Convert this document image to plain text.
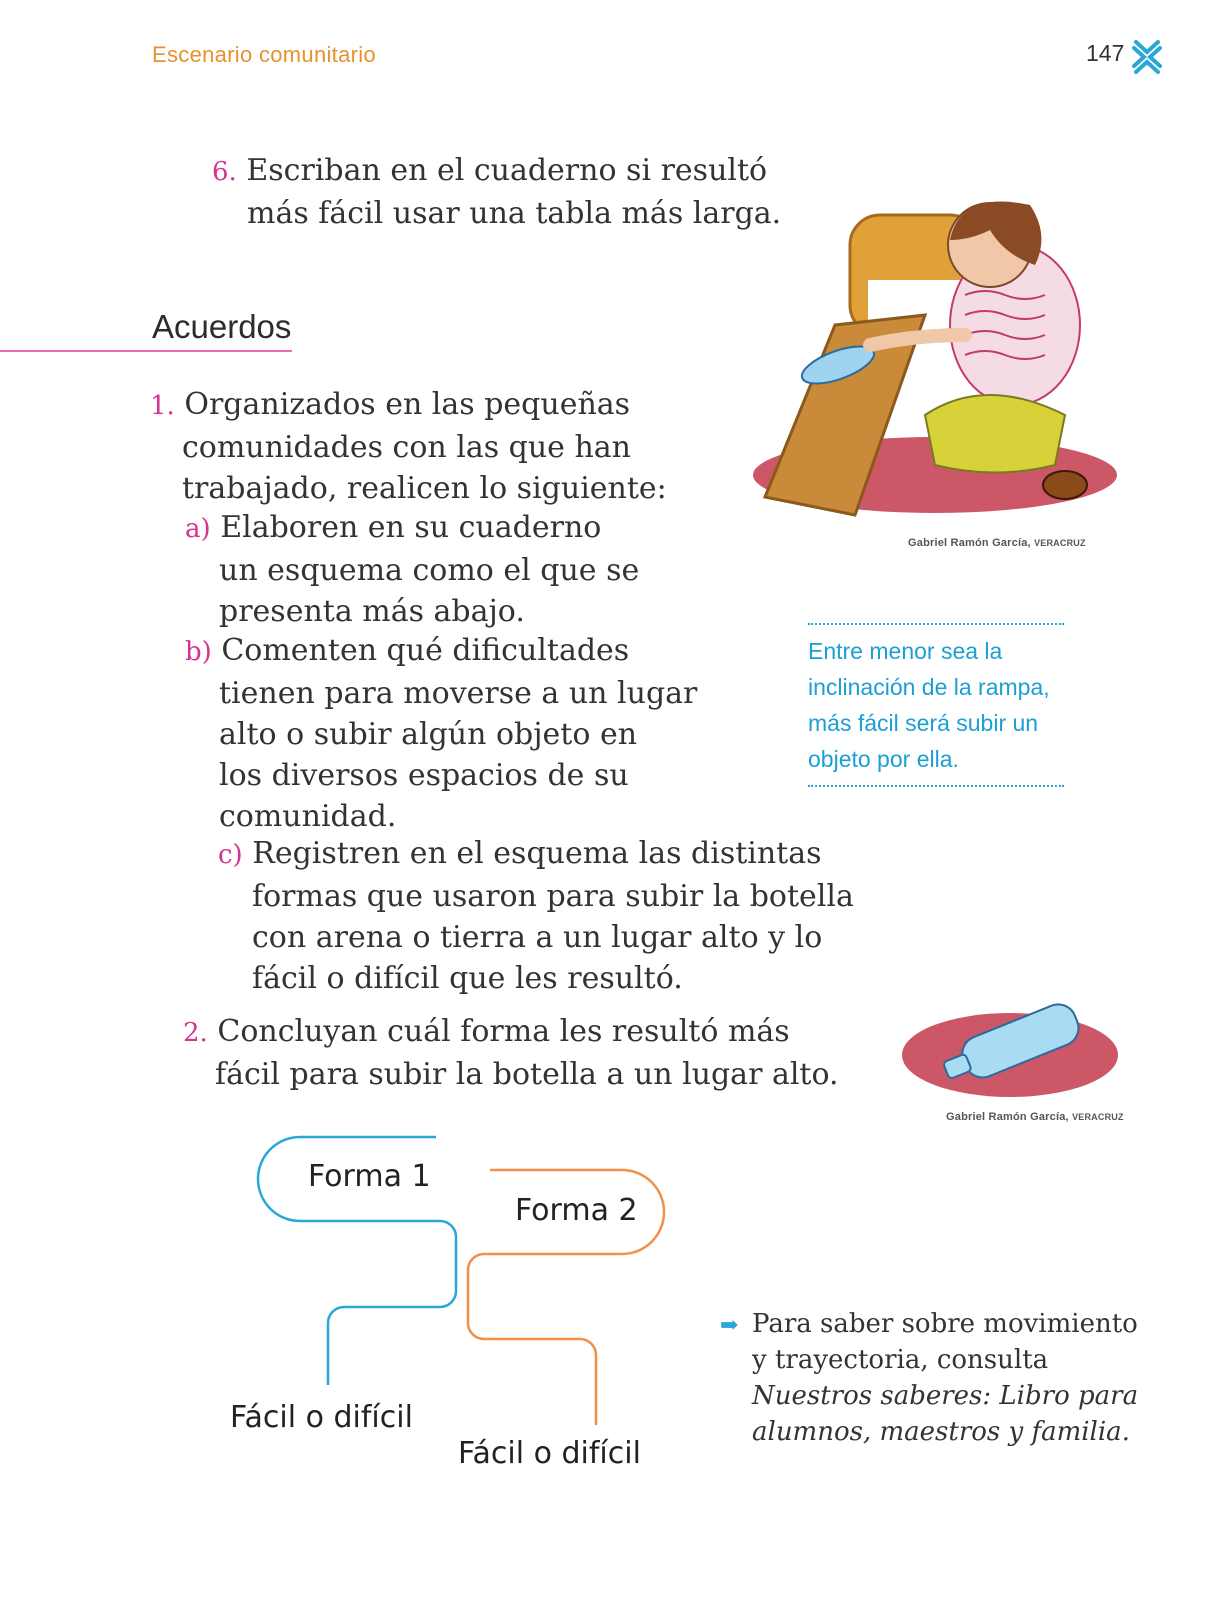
Escenario comunitario	147
6. Escriban en el cuaderno si resultó
más fácil usar una tabla más larga.
Acuerdos
1. Organizados en las pequeñas
comunidades con las que han
trabajado, realicen lo siguiente:
a) Elaboren en su cuaderno
un esquema como el que se
presenta más abajo.
b) Comenten qué dificultades
tienen para moverse a un lugar
alto o subir algún objeto en
los diversos espacios de su
comunidad.
c) Registren en el esquema las distintas
formas que usaron para subir la botella
con arena o tierra a un lugar alto y lo
fácil o difícil que les resultó.
2. Concluyan cuál forma les resultó más
fácil para subir la botella a un lugar alto.
Gabriel Ramón García, VERACRUZ
Entre menor sea la
inclinación de la rampa,
más fácil será subir un
objeto por ella.
Gabriel Ramón García, VERACRUZ
Forma 1
Forma 2
Fácil o difícil
Fácil o difícil
➡ Para saber sobre movimiento
y trayectoria, consulta
Nuestros saberes: Libro para
alumnos, maestros y familia.
